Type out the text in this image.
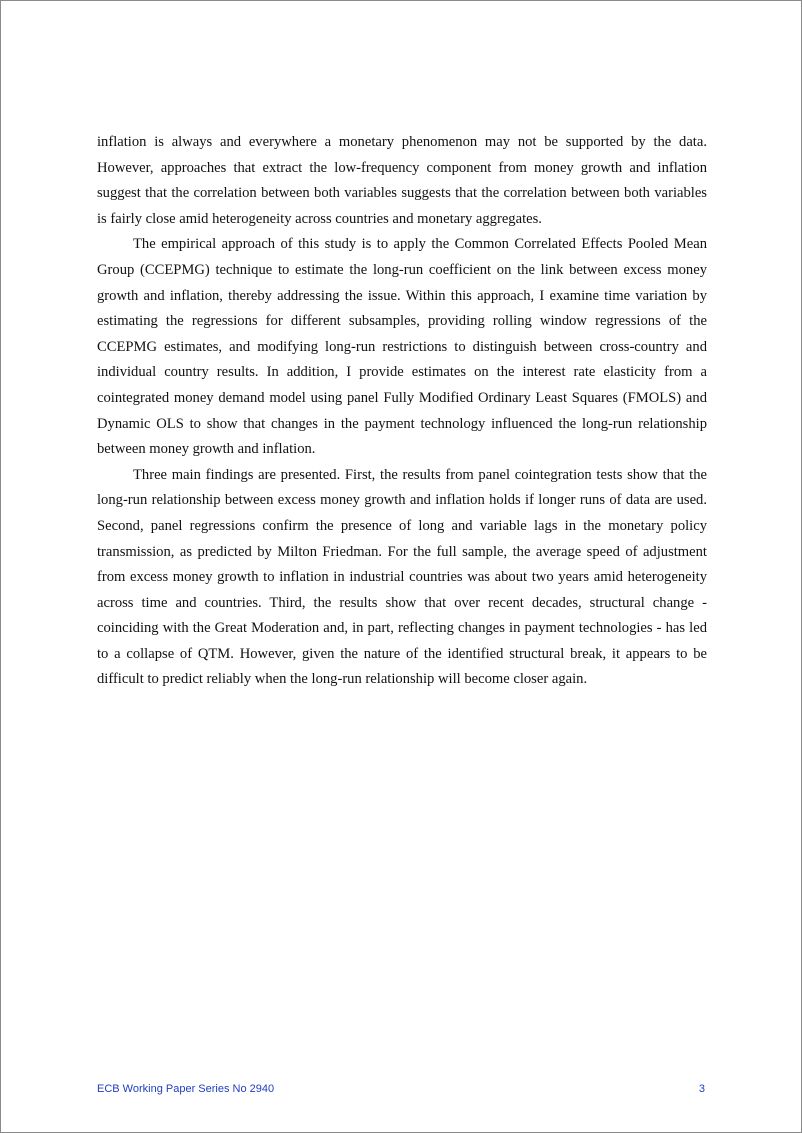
inflation is always and everywhere a monetary phenomenon may not be supported by the data. However, approaches that extract the low-frequency component from money growth and inflation suggest that the correlation between both variables suggests that the correlation between both variables is fairly close amid heterogeneity across countries and monetary aggregates.

The empirical approach of this study is to apply the Common Correlated Effects Pooled Mean Group (CCEPMG) technique to estimate the long-run coefficient on the link between excess money growth and inflation, thereby addressing the issue. Within this approach, I examine time variation by estimating the regressions for different subsamples, providing rolling window regressions of the CCEPMG estimates, and modifying long-run restrictions to distinguish between cross-country and individual country results. In addition, I provide estimates on the interest rate elasticity from a cointegrated money demand model using panel Fully Modified Ordinary Least Squares (FMOLS) and Dynamic OLS to show that changes in the payment technology influenced the long-run relationship between money growth and inflation.

Three main findings are presented. First, the results from panel cointegration tests show that the long-run relationship between excess money growth and inflation holds if longer runs of data are used. Second, panel regressions confirm the presence of long and variable lags in the monetary policy transmission, as predicted by Milton Friedman. For the full sample, the average speed of adjustment from excess money growth to inflation in industrial countries was about two years amid heterogeneity across time and countries. Third, the results show that over recent decades, structural change - coinciding with the Great Moderation and, in part, reflecting changes in payment technologies - has led to a collapse of QTM. However, given the nature of the identified structural break, it appears to be difficult to predict reliably when the long-run relationship will become closer again.

ECB Working Paper Series No 2940	3
